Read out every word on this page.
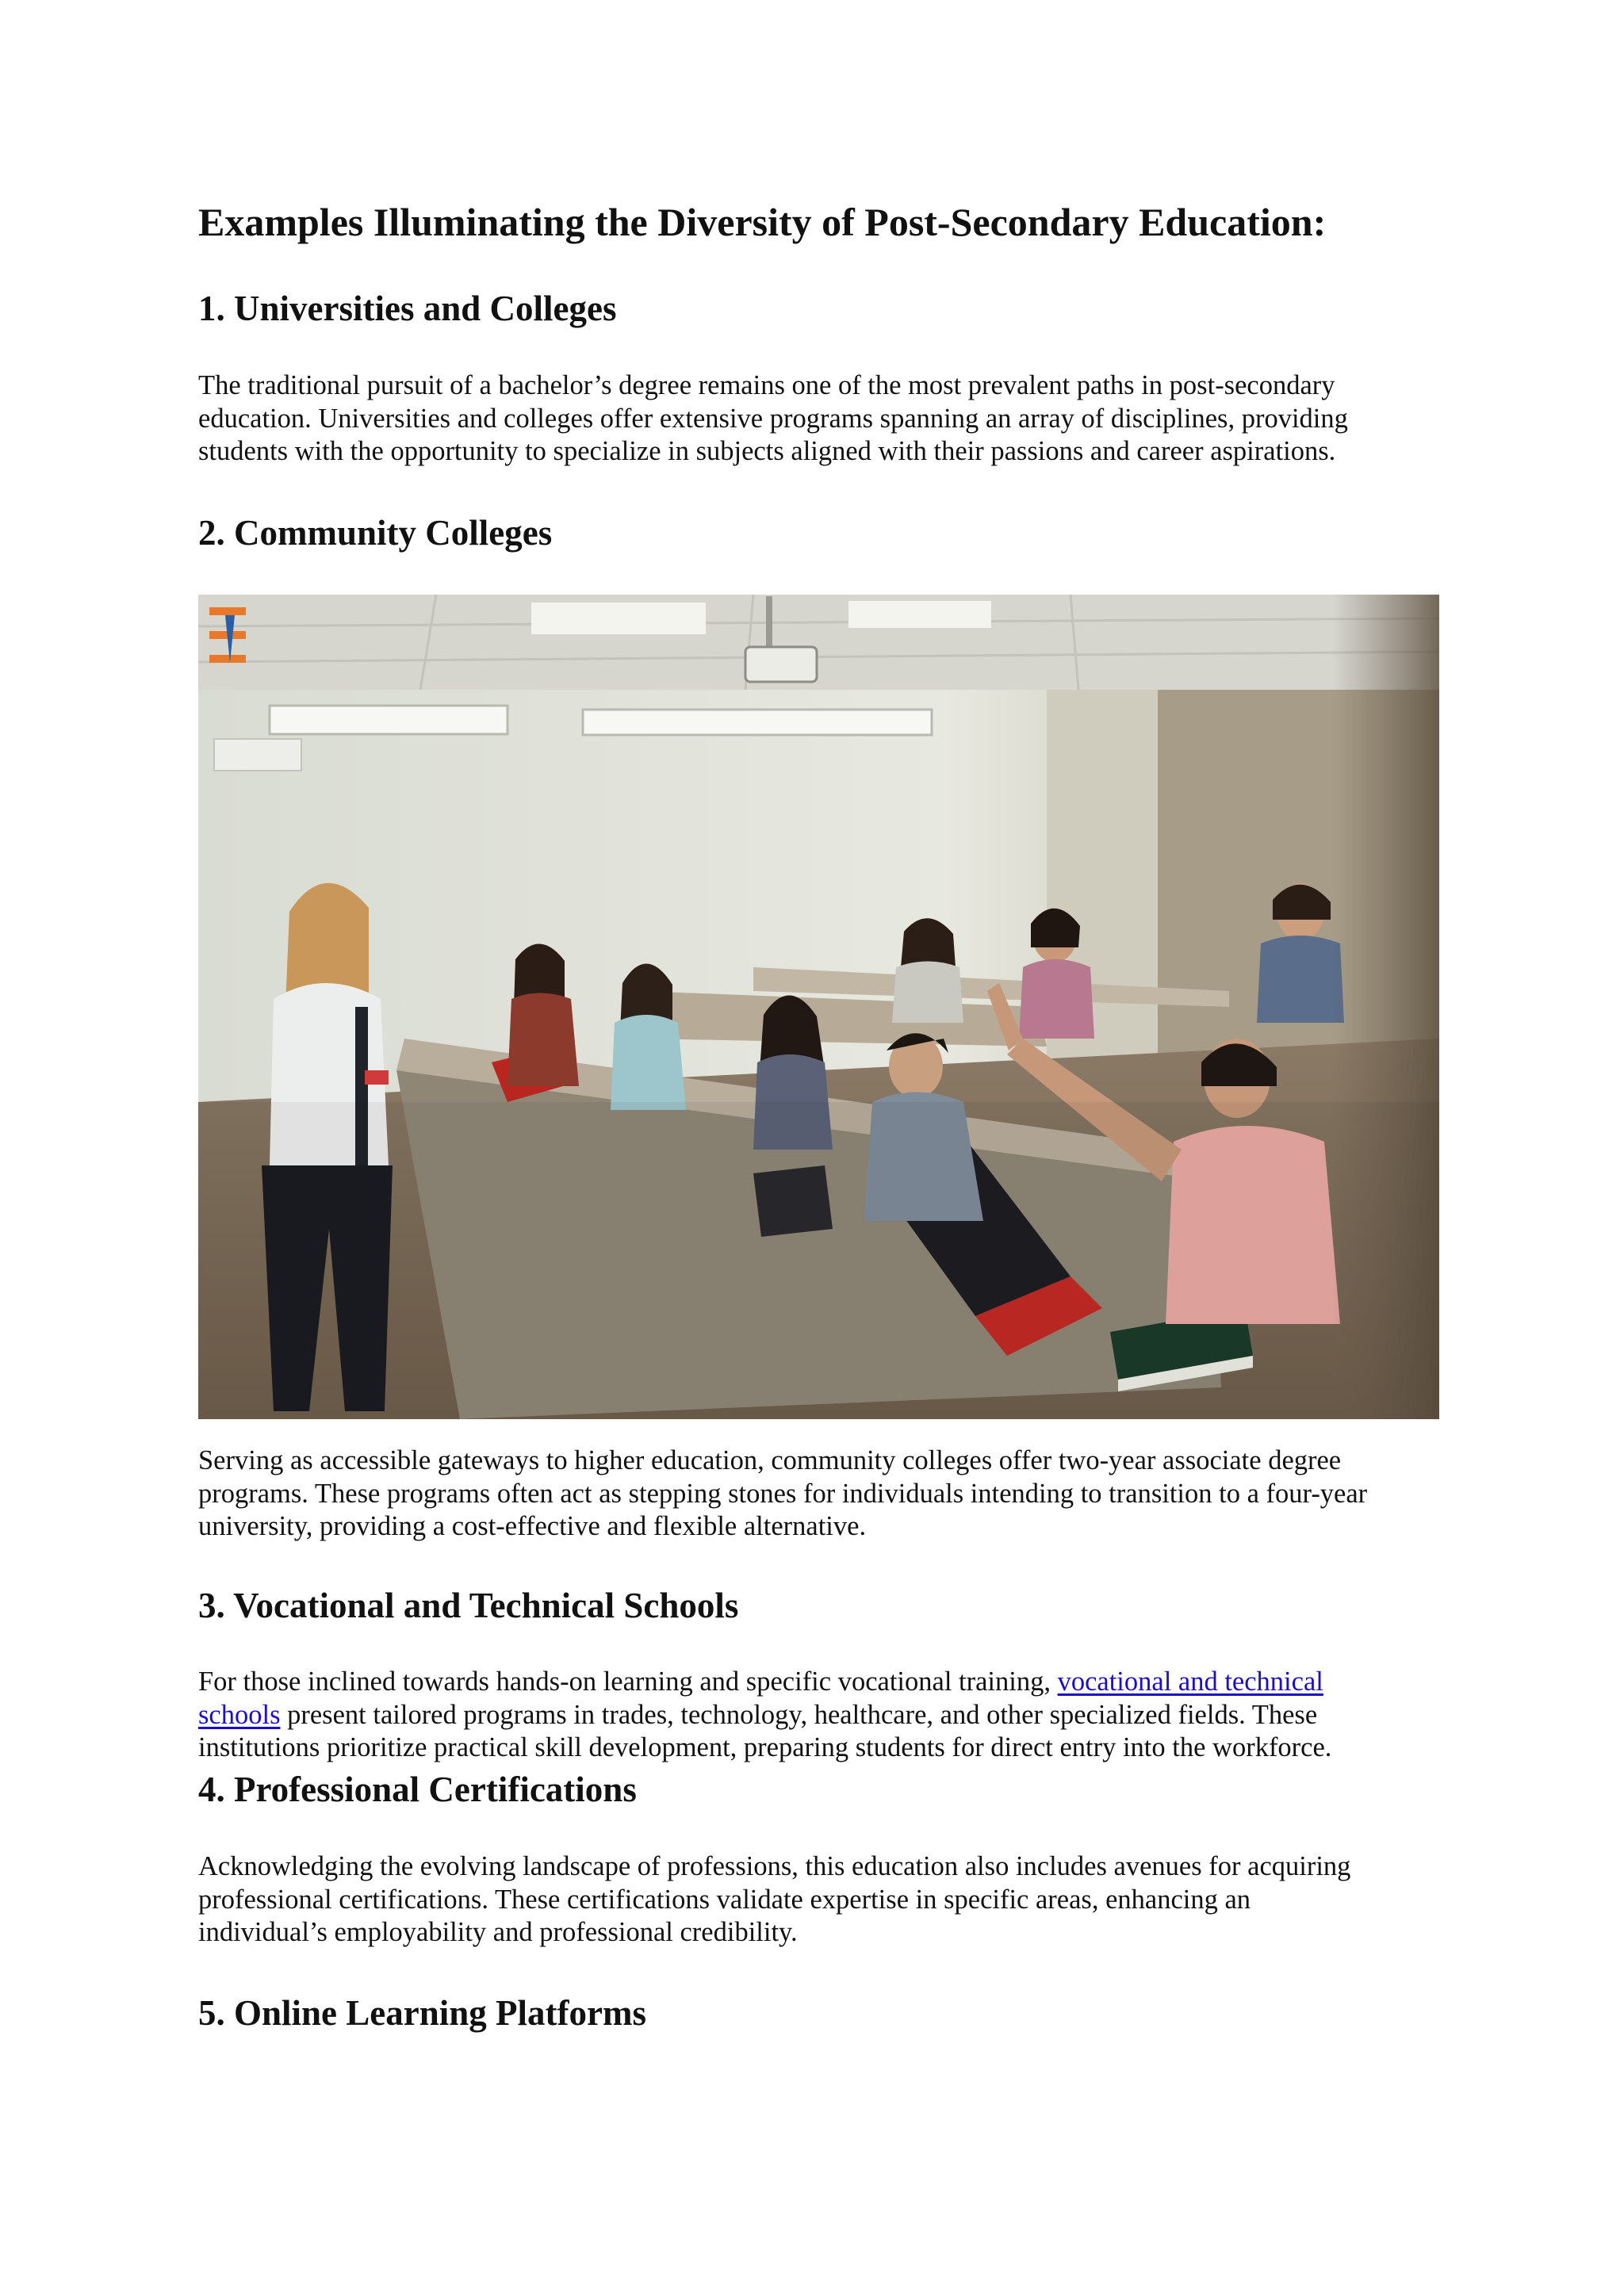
Examples Illuminating the Diversity of Post-Secondary Education:
1. Universities and Colleges

The traditional pursuit of a bachelor’s degree remains one of the most prevalent paths in post-secondary
education. Universities and colleges offer extensive programs spanning an array of disciplines, providing
students with the opportunity to specialize in subjects aligned with their passions and career aspirations.

2. Community Colleges

Serving as accessible gateways to higher education, community colleges offer two-year associate degree
programs. These programs often act as stepping stones for individuals intending to transition to a four-year
university, providing a cost-effective and flexible alternative.

3. Vocational and Technical Schools

For those inclined towards hands-on learning and specific vocational training, vocational and technical
schools present tailored programs in trades, technology, healthcare, and other specialized fields. These
institutions prioritize practical skill development, preparing students for direct entry into the workforce.

4. Professional Certifications

Acknowledging the evolving landscape of professions, this education also includes avenues for acquiring
professional certifications. These certifications validate expertise in specific areas, enhancing an
individual’s employability and professional credibility.

5. Online Learning Platforms
